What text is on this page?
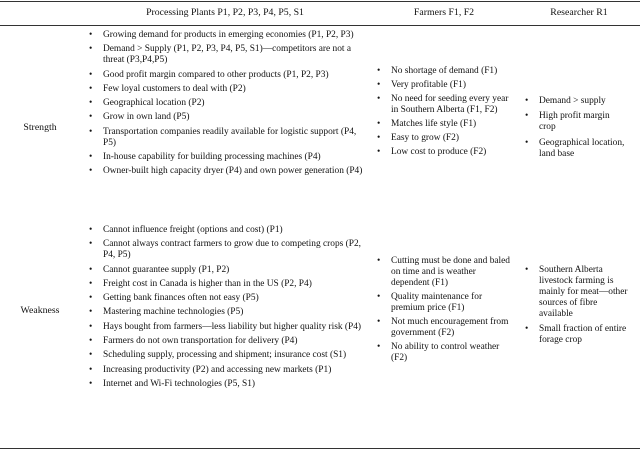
Processing Plants P1, P2, P3, P4, P5, S1	Farmers F1, F2	Researcher R1
Strength
• Growing demand for products in emerging economies (P1, P2, P3)
• Demand > Supply (P1, P2, P3, P4, P5, S1)—competitors are not a threat (P3,P4,P5)
• Good profit margin compared to other products (P1, P2, P3)
• Few loyal customers to deal with (P2)
• Geographical location (P2)
• Grow in own land (P5)
• Transportation companies readily available for logistic support (P4, P5)
• In-house capability for building processing machines (P4)
• Owner-built high capacity dryer (P4) and own power generation (P4)
• No shortage of demand (F1)
• Very profitable (F1)
• No need for seeding every year in Southern Alberta (F1, F2)
• Matches life style (F1)
• Easy to grow (F2)
• Low cost to produce (F2)
• Demand > supply
• High profit margin crop
• Geographical location, land base
Weakness
• Cannot influence freight (options and cost) (P1)
• Cannot always contract farmers to grow due to competing crops (P2, P4, P5)
• Cannot guarantee supply (P1, P2)
• Freight cost in Canada is higher than in the US (P2, P4)
• Getting bank finances often not easy (P5)
• Mastering machine technologies (P5)
• Hays bought from farmers—less liability but higher quality risk (P4)
• Farmers do not own transportation for delivery (P4)
• Scheduling supply, processing and shipment; insurance cost (S1)
• Increasing productivity (P2) and accessing new markets (P1)
• Internet and Wi-Fi technologies (P5, S1)
• Cutting must be done and baled on time and is weather dependent (F1)
• Quality maintenance for premium price (F1)
• Not much encouragement from government (F2)
• No ability to control weather (F2)
• Southern Alberta livestock farming is mainly for meat—other sources of fibre available
• Small fraction of entire forage crop
